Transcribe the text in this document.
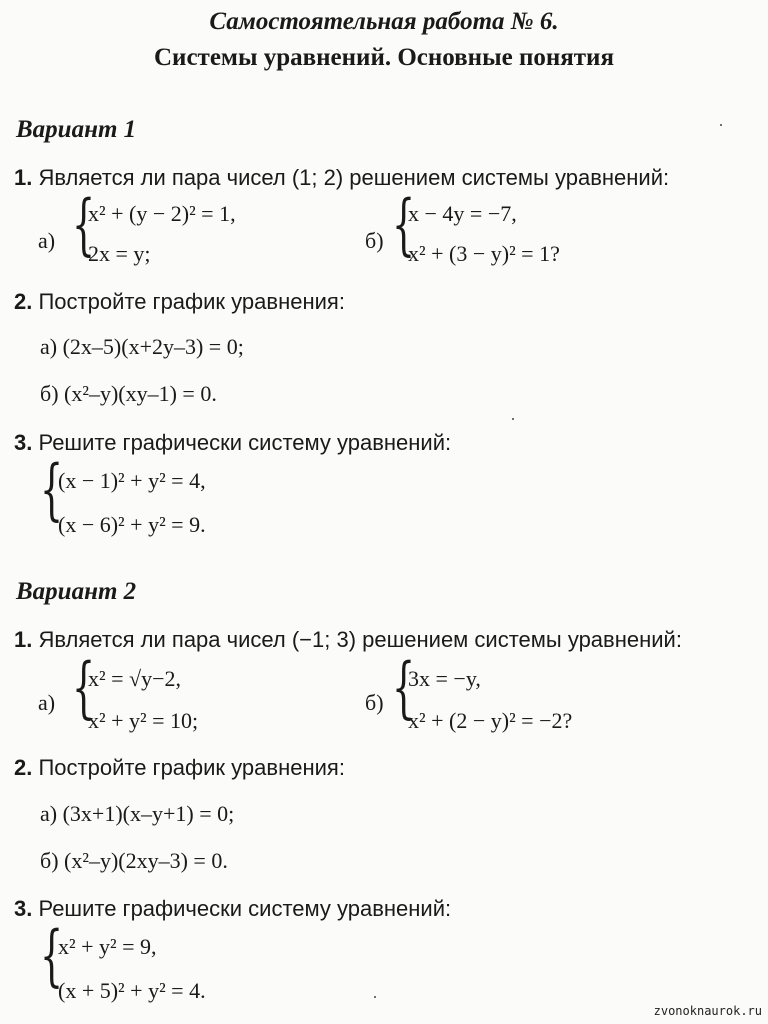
Самостоятельная работа № 6.
Системы уравнений. Основные понятия
Вариант 1
1. Является ли пара чисел (1; 2) решением системы уравнений:
а) {
x² + (y − 2)² = 1,
2x = y;
б) {
x − 4y = −7,
x² + (3 − y)² = 1?
2. Постройте график уравнения:
а) (2x–5)(x+2y–3) = 0;
б) (x²–y)(xy–1) = 0.
3. Решите графически систему уравнений:
{
(x − 1)² + y² = 4,
(x − 6)² + y² = 9.
Вариант 2
1. Является ли пара чисел (−1; 3) решением системы уравнений:
а) {
x² = √y−2,
x² + y² = 10;
б) {
3x = −y,
x² + (2 − y)² = −2?
2. Постройте график уравнения:
а) (3x+1)(x–y+1) = 0;
б) (x²–y)(2xy–3) = 0.
3. Решите графически систему уравнений:
{
x² + y² = 9,
(x + 5)² + y² = 4.
zvonoknaurok.ru
